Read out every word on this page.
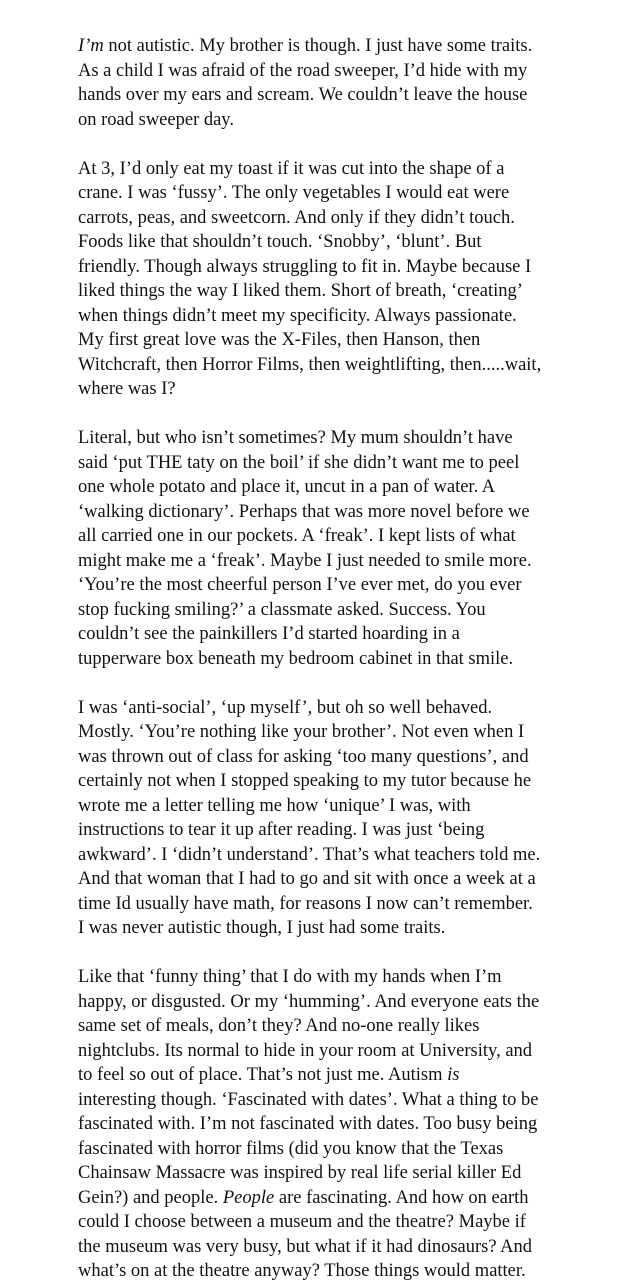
I’m not autistic. My brother is though. I just have some traits.
As a child I was afraid of the road sweeper, I’d hide with my
hands over my ears and scream. We couldn’t leave the house
on road sweeper day.

At 3, I’d only eat my toast if it was cut into the shape of a
crane. I was ‘fussy’. The only vegetables I would eat were
carrots, peas, and sweetcorn. And only if they didn’t touch.
Foods like that shouldn’t touch. ‘Snobby’, ‘blunt’. But
friendly. Though always struggling to fit in. Maybe because I
liked things the way I liked them. Short of breath, ‘creating’
when things didn’t meet my specificity. Always passionate.
My first great love was the X-Files, then Hanson, then
Witchcraft, then Horror Films, then weightlifting, then.....wait,
where was I?

Literal, but who isn’t sometimes? My mum shouldn’t have
said ‘put THE taty on the boil’ if she didn’t want me to peel
one whole potato and place it, uncut in a pan of water. A
‘walking dictionary’. Perhaps that was more novel before we
all carried one in our pockets. A ‘freak’. I kept lists of what
might make me a ‘freak’. Maybe I just needed to smile more.
‘You’re the most cheerful person I’ve ever met, do you ever
stop fucking smiling?’ a classmate asked. Success. You
couldn’t see the painkillers I’d started hoarding in a
tupperware box beneath my bedroom cabinet in that smile.

I was ‘anti-social’, ‘up myself’, but oh so well behaved.
Mostly. ‘You’re nothing like your brother’. Not even when I
was thrown out of class for asking ‘too many questions’, and
certainly not when I stopped speaking to my tutor because he
wrote me a letter telling me how ‘unique’ I was, with
instructions to tear it up after reading. I was just ‘being
awkward’. I ‘didn’t understand’. That’s what teachers told me.
And that woman that I had to go and sit with once a week at a
time Id usually have math, for reasons I now can’t remember.
I was never autistic though, I just had some traits.

Like that ‘funny thing’ that I do with my hands when I’m
happy, or disgusted. Or my ‘humming’. And everyone eats the
same set of meals, don’t they? And no-one really likes
nightclubs. Its normal to hide in your room at University, and
to feel so out of place. That’s not just me. Autism is
interesting though. ‘Fascinated with dates’. What a thing to be
fascinated with. I’m not fascinated with dates. Too busy being
fascinated with horror films (did you know that the Texas
Chainsaw Massacre was inspired by real life serial killer Ed
Gein?) and people. People are fascinating. And how on earth
could I choose between a museum and the theatre? Maybe if
the museum was very busy, but what if it had dinosaurs? And
what’s on at the theatre anyway? Those things would matter.
